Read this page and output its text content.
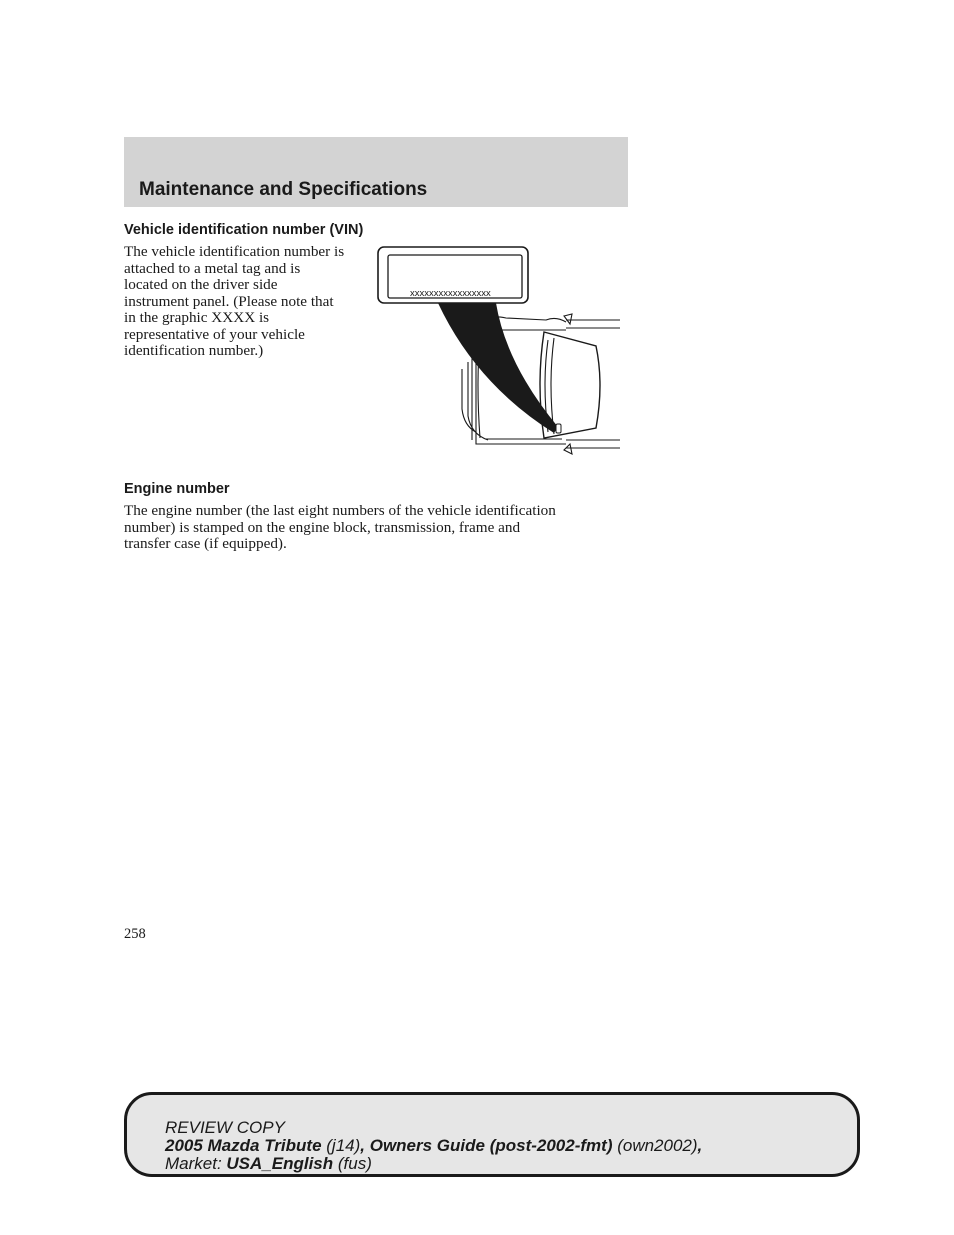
Maintenance and Specifications
Vehicle identification number (VIN)
The vehicle identification number is
attached to a metal tag and is
located on the driver side
instrument panel. (Please note that
in the graphic XXXX is
representative of your vehicle
identification number.)
xxxxxxxxxxxxxxxxx
Engine number
The engine number (the last eight numbers of the vehicle identification
number) is stamped on the engine block, transmission, frame and
transfer case (if equipped).

258

REVIEW COPY
2005 Mazda Tribute (j14), Owners Guide (post-2002-fmt) (own2002),
Market: USA_English (fus)
